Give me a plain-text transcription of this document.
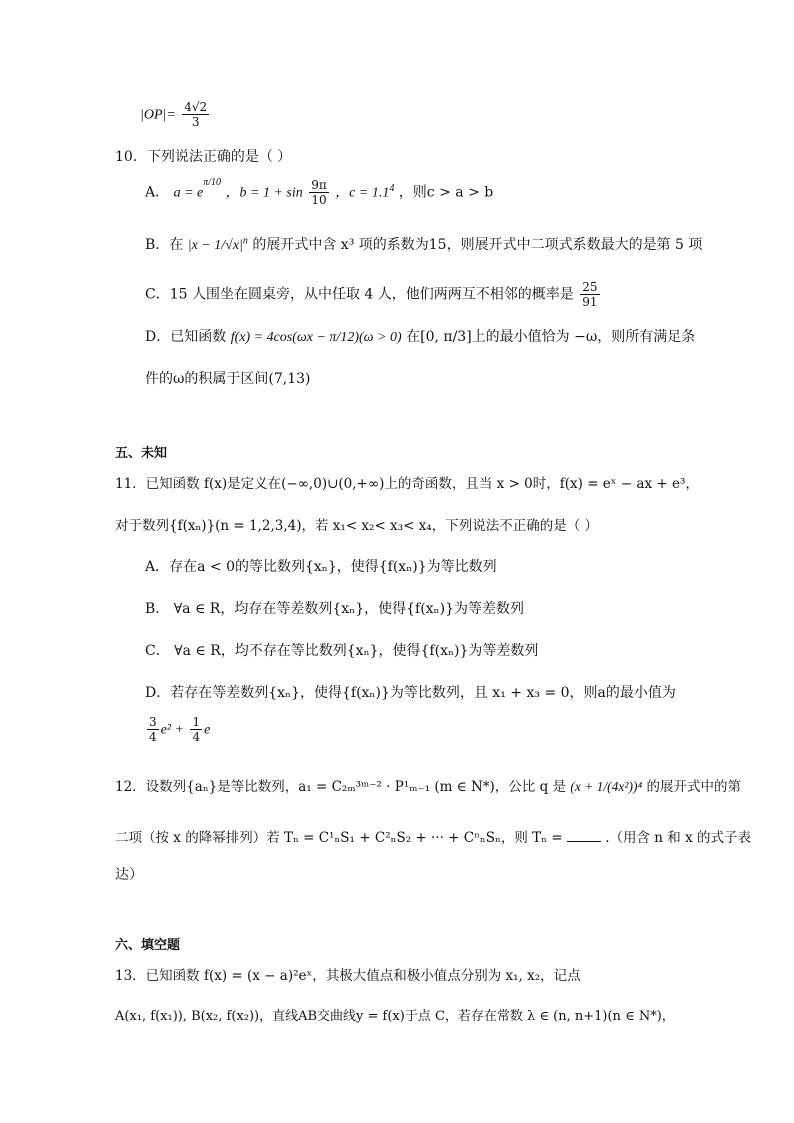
$|OP|= \frac{4√2}{3}$
10．下列说法正确的是（ ）
A． $a = e^{\pi/10}$ ，$b = 1 + \sin \frac{9\pi}{10}$ ，$c = 1.1^4$ ，则c > a > b
B．在 $|x - 1/√x|^n$ 的展开式中含 x³ 项的系数为15，则展开式中二项式系数最大的是第 5 项
C．15 人围坐在圆桌旁，从中任取 4 人，他们两两互不相邻的概率是 $\frac{25}{91}$
D．已知函数 f(x) = 4cos(ωx − π/12)(ω > 0) 在[0, π/3]上的最小值恰为 −ω，则所有满足条
件的ω的积属于区间(7,13)
五、未知
11．已知函数 f(x)是定义在(−∞,0)∪(0,+∞)上的奇函数，且当 x > 0时，f(x) = eˣ − ax + e³，
对于数列{f(xₙ)}(n = 1,2,3,4)，若 x₁< x₂< x₃< x₄，下列说法不正确的是（ ）
A．存在a < 0的等比数列{xₙ}，使得{f(xₙ)}为等比数列
B． ∀a ∈ R，均存在等差数列{xₙ}，使得{f(xₙ)}为等差数列
C． ∀a ∈ R，均不存在等比数列{xₙ}，使得{f(xₙ)}为等差数列
D．若存在等差数列{xₙ}，使得{f(xₙ)}为等比数列，且 x₁ + x₃ = 0，则a的最小值为
$\frac{3}{4} e^2 + \frac{1}{4}$ e
12．设数列{aₙ}是等比数列，a₁ = C₂ₘ³ᵐ⁻² · P¹ₘ₋₁ (m ∈ N*)，公比 q 是 (x + 1/(4x²))⁴ 的展开式中的第
二项（按 x 的降幂排列）若 Tₙ = C¹ₙS₁ + C²ₙS₂ + ··· + CⁿₙSₙ，则 Tₙ =	.（用含 n 和 x 的式子表
达）
六、填空题
13．已知函数 f(x) = (x − a)²eˣ，其极大值点和极小值点分别为 x₁, x₂，记点
A(x₁, f(x₁)), B(x₂, f(x₂))，直线AB交曲线y = f(x)于点 C，若存在常数 λ ∈ (n, n+1)(n ∈ N*)，
